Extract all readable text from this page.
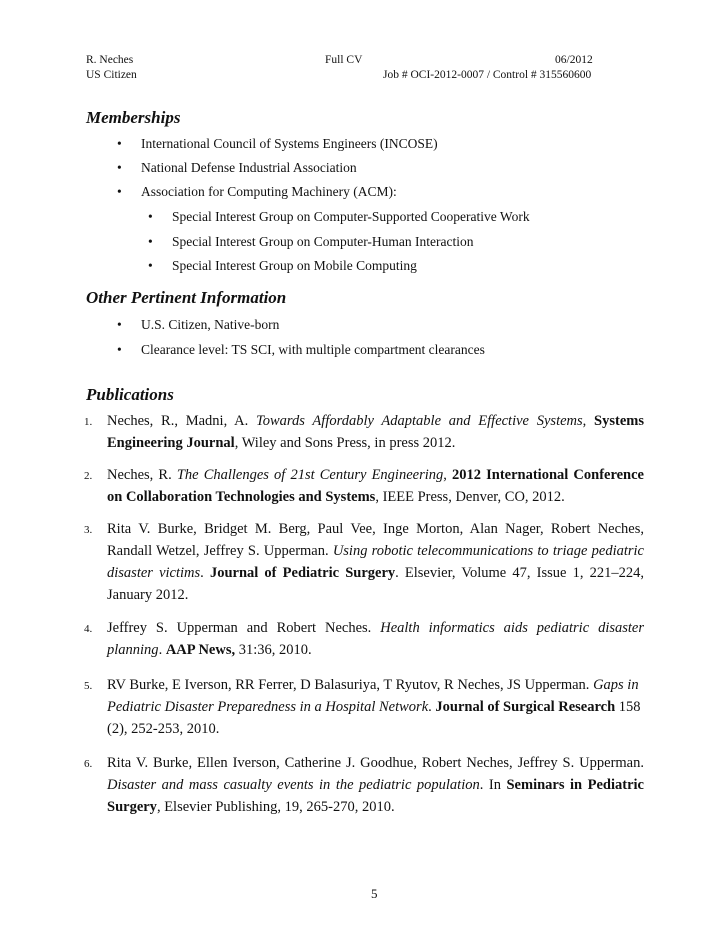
R. Neches
US Citizen
Full CV	06/2012
Job # OCI-2012-0007 / Control # 315560600
Memberships
• International Council of Systems Engineers (INCOSE)
• National Defense Industrial Association
• Association for Computing Machinery (ACM):
• Special Interest Group on Computer-Supported Cooperative Work
• Special Interest Group on Computer-Human Interaction
• Special Interest Group on Mobile Computing
Other Pertinent Information
• U.S. Citizen, Native-born
• Clearance level: TS SCI, with multiple compartment clearances
Publications
1. Neches, R., Madni, A. Towards Affordably Adaptable and Effective Systems, Systems Engineering Journal, Wiley and Sons Press, in press 2012.
2. Neches, R. The Challenges of 21st Century Engineering, 2012 International Conference on Collaboration Technologies and Systems, IEEE Press, Denver, CO, 2012.
3. Rita V. Burke, Bridget M. Berg, Paul Vee, Inge Morton, Alan Nager, Robert Neches, Randall Wetzel, Jeffrey S. Upperman. Using robotic telecommunications to triage pediatric disaster victims. Journal of Pediatric Surgery. Elsevier, Volume 47, Issue 1, 221–224, January 2012.
4. Jeffrey S. Upperman and Robert Neches. Health informatics aids pediatric disaster planning. AAP News, 31:36, 2010.
5. RV Burke, E Iverson, RR Ferrer, D Balasuriya, T Ryutov, R Neches, JS Upperman. Gaps in Pediatric Disaster Preparedness in a Hospital Network. Journal of Surgical Research 158 (2), 252-253, 2010.
6. Rita V. Burke, Ellen Iverson, Catherine J. Goodhue, Robert Neches, Jeffrey S. Upperman. Disaster and mass casualty events in the pediatric population. In Seminars in Pediatric Surgery, Elsevier Publishing, 19, 265-270, 2010.
5
